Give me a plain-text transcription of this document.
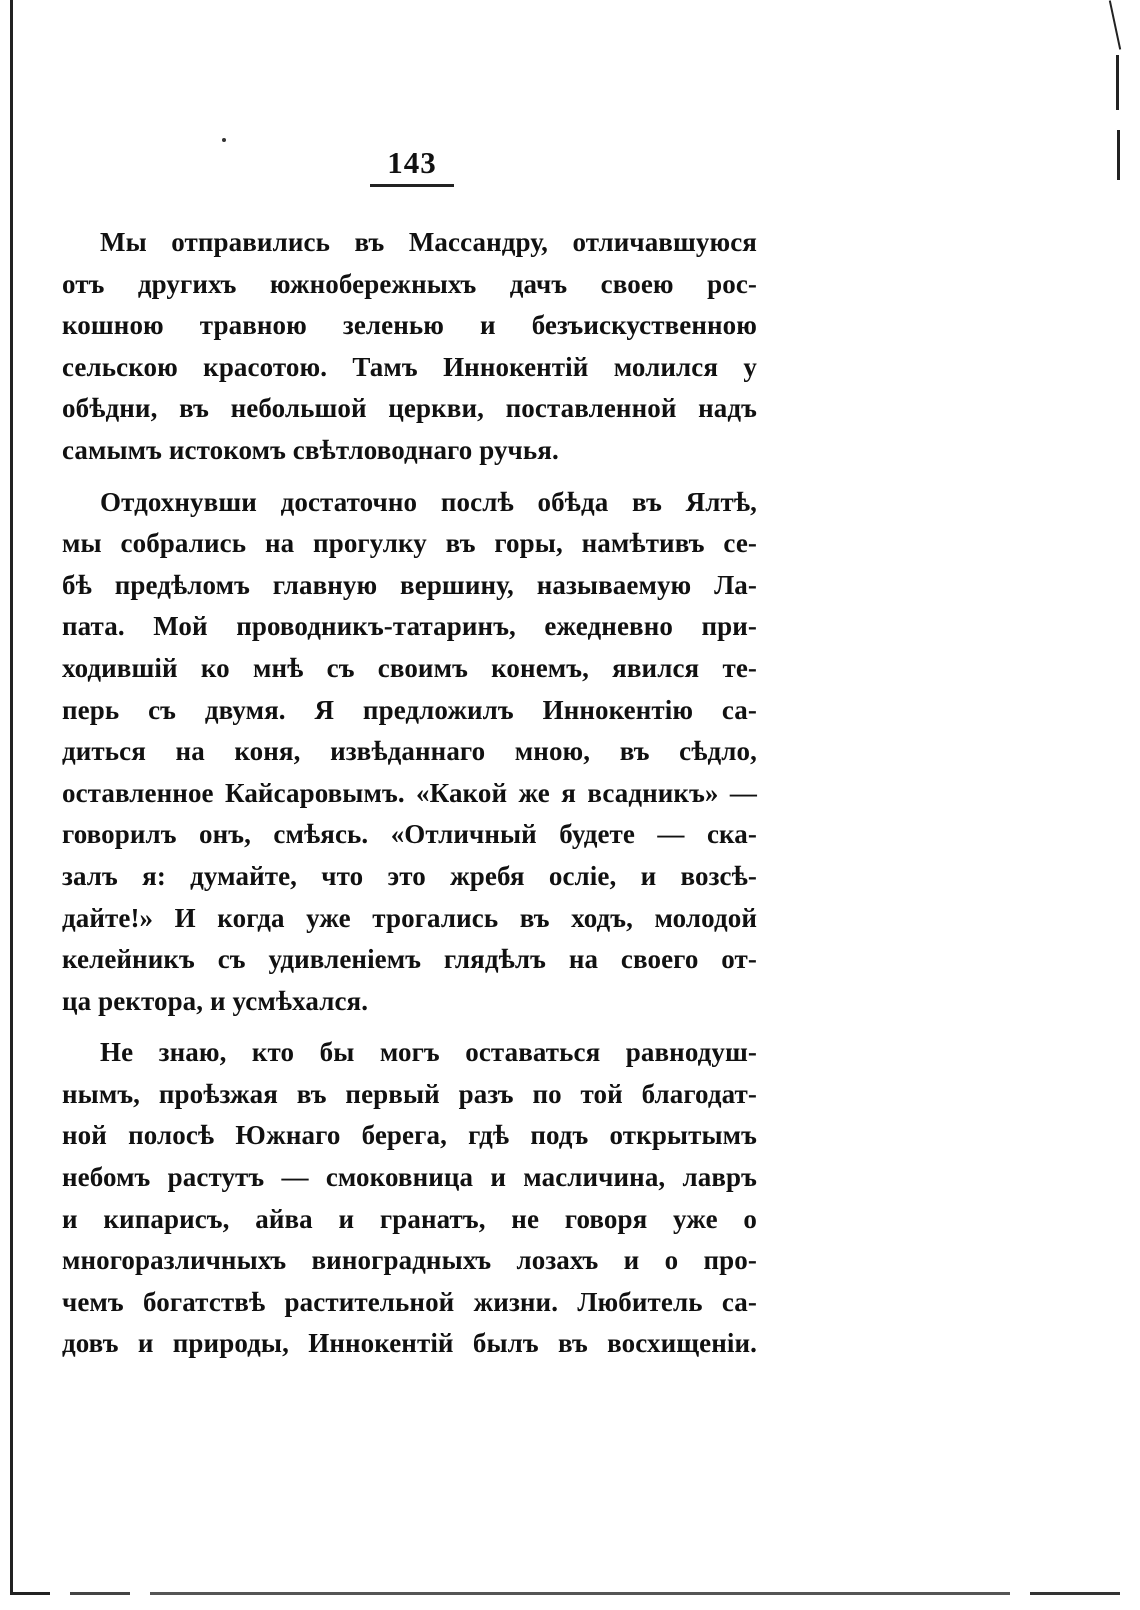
143
Мы отправились въ Массандру, отличавшуюся
отъ другихъ южнобережныхъ дачъ своею рос-
кошною травною зеленью и безъискуственною
сельскою красотою. Тамъ Иннокентій молился у
обѣдни, въ небольшой церкви, поставленной надъ
самымъ истокомъ свѣтловоднаго ручья.
Отдохнувши достаточно послѣ обѣда въ Ялтѣ,
мы собрались на прогулку въ горы, намѣтивъ се-
бѣ предѣломъ главную вершину, называемую Ла-
пата. Мой проводникъ-татаринъ, ежедневно при-
ходившій ко мнѣ съ своимъ конемъ, явился те-
перь съ двумя. Я предложилъ Иннокентію са-
диться на коня, извѣданнаго мною, въ сѣдло,
оставленное Кайсаровымъ. «Какой же я всадникъ» —
говорилъ онъ, смѣясь. «Отличный будете — ска-
залъ я: думайте, что это жребя осліе, и возсѣ-
дайте!» И когда уже трогались въ ходъ, молодой
келейникъ съ удивленіемъ глядѣлъ на своего от-
ца ректора, и усмѣхался.
Не знаю, кто бы могъ оставаться равнодуш-
нымъ, проѣзжая въ первый разъ по той благодат-
ной полосѣ Южнаго берега, гдѣ подъ открытымъ
небомъ растутъ — смоковница и масличина, лавръ
и кипарисъ, айва и гранатъ, не говоря уже о
многоразличныхъ виноградныхъ лозахъ и о про-
чемъ богатствѣ растительной жизни. Любитель са-
довъ и природы, Иннокентій былъ въ восхищеніи.
